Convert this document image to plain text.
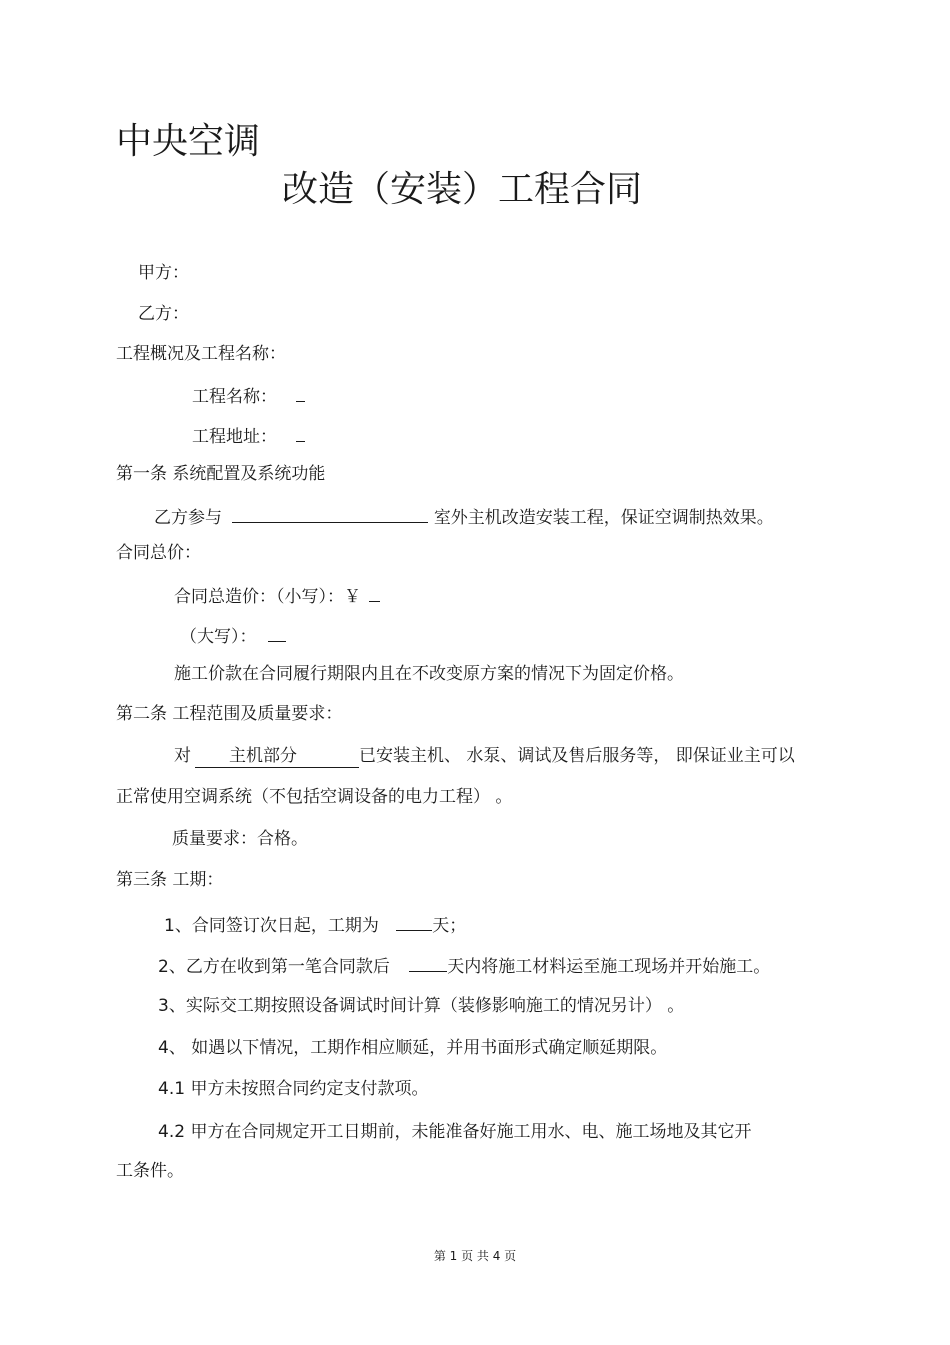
中央空调
改造（安装）工程合同
甲方：
乙方：
工程概况及工程名称：
工程名称：
工程地址：
第一条 系统配置及系统功能
乙方参与	室外主机改造安装工程，保证空调制热效果。
合同总价：
合同总造价：（小写）：￥
（大写）：
施工价款在合同履行期限内且在不改变原方案的情况下为固定价格。
第二条 工程范围及质量要求：
对 主机部分	已安装主机、 水泵、调试及售后服务等， 即保证业主可以
正常使用空调系统（不包括空调设备的电力工程） 。
质量要求：合格。
第三条 工期：
1、合同签订次日起，工期为	天；
2、乙方在收到第一笔合同款后	天内将施工材料运至施工现场并开始施工。
3、实际交工期按照设备调试时间计算（装修影响施工的情况另计） 。
4、 如遇以下情况，工期作相应顺延，并用书面形式确定顺延期限。
4.1 甲方未按照合同约定支付款项。
4.2 甲方在合同规定开工日期前，未能准备好施工用水、电、施工场地及其它开
工条件。
第 1 页 共 4 页
